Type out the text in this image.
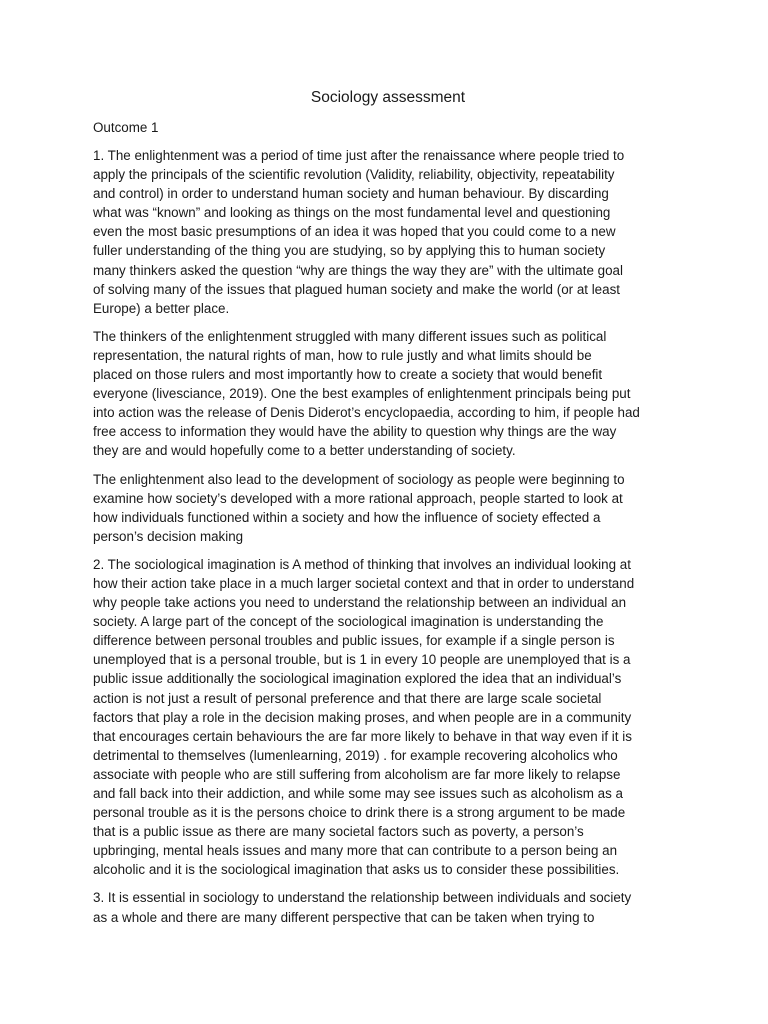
Sociology assessment
Outcome 1
1. The enlightenment was a period of time just after the renaissance where people tried to
apply the principals of the scientific revolution (Validity, reliability, objectivity, repeatability
and control) in order to understand human society and human behaviour. By discarding
what was “known” and looking as things on the most fundamental level and questioning
even the most basic presumptions of an idea it was hoped that you could come to a new
fuller understanding of the thing you are studying, so by applying this to human society
many thinkers asked the question “why are things the way they are” with the ultimate goal
of solving many of the issues that plagued human society and make the world (or at least
Europe) a better place.
The thinkers of the enlightenment struggled with many different issues such as political
representation, the natural rights of man, how to rule justly and what limits should be
placed on those rulers and most importantly how to create a society that would benefit
everyone (livesciance, 2019). One the best examples of enlightenment principals being put
into action was the release of Denis Diderot’s encyclopaedia, according to him, if people had
free access to information they would have the ability to question why things are the way
they are and would hopefully come to a better understanding of society.
The enlightenment also lead to the development of sociology as people were beginning to
examine how society’s developed with a more rational approach, people started to look at
how individuals functioned within a society and how the influence of society effected a
person’s decision making
2. The sociological imagination is A method of thinking that involves an individual looking at
how their action take place in a much larger societal context and that in order to understand
why people take actions you need to understand the relationship between an individual an
society. A large part of the concept of the sociological imagination is understanding the
difference between personal troubles and public issues, for example if a single person is
unemployed that is a personal trouble, but is 1 in every 10 people are unemployed that is a
public issue additionally the sociological imagination explored the idea that an individual’s
action is not just a result of personal preference and that there are large scale societal
factors that play a role in the decision making proses, and when people are in a community
that encourages certain behaviours the are far more likely to behave in that way even if it is
detrimental to themselves (lumenlearning, 2019) . for example recovering alcoholics who
associate with people who are still suffering from alcoholism are far more likely to relapse
and fall back into their addiction, and while some may see issues such as alcoholism as a
personal trouble as it is the persons choice to drink there is a strong argument to be made
that is a public issue as there are many societal factors such as poverty, a person’s
upbringing, mental heals issues and many more that can contribute to a person being an
alcoholic and it is the sociological imagination that asks us to consider these possibilities.
3. It is essential in sociology to understand the relationship between individuals and society
as a whole and there are many different perspective that can be taken when trying to
